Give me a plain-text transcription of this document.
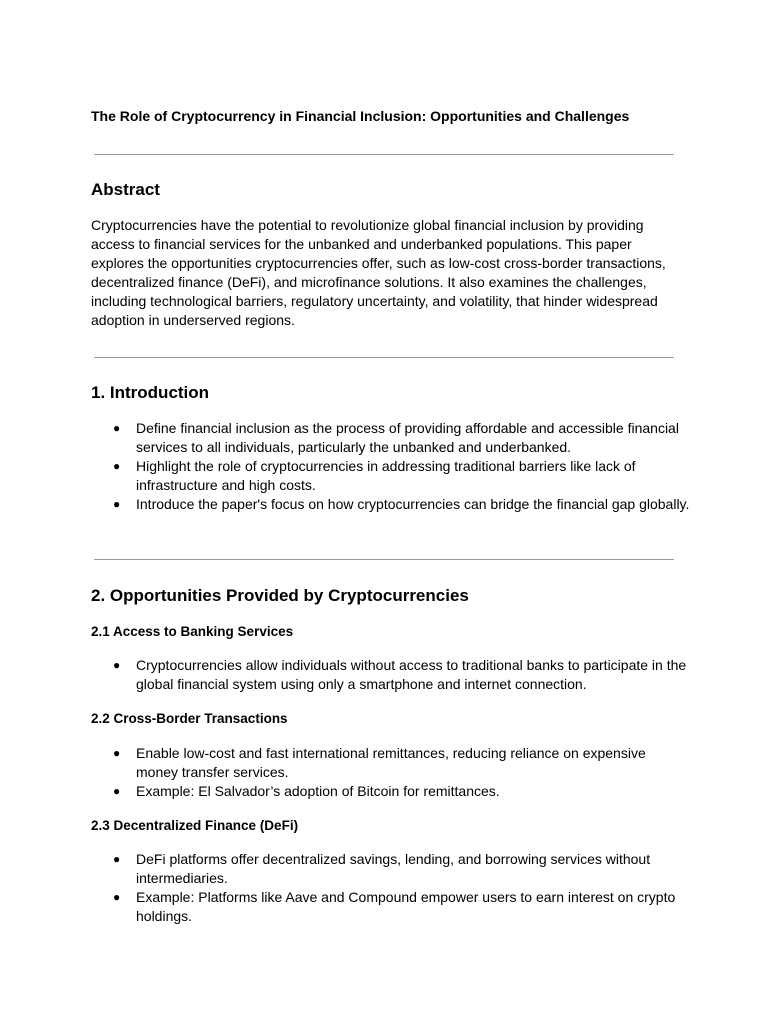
The Role of Cryptocurrency in Financial Inclusion: Opportunities and Challenges
Abstract

Cryptocurrencies have the potential to revolutionize global financial inclusion by providing access to financial services for the unbanked and underbanked populations. This paper explores the opportunities cryptocurrencies offer, such as low-cost cross-border transactions, decentralized finance (DeFi), and microfinance solutions. It also examines the challenges, including technological barriers, regulatory uncertainty, and volatility, that hinder widespread adoption in underserved regions.

1. Introduction
● Define financial inclusion as the process of providing affordable and accessible financial services to all individuals, particularly the unbanked and underbanked.
● Highlight the role of cryptocurrencies in addressing traditional barriers like lack of infrastructure and high costs.
● Introduce the paper's focus on how cryptocurrencies can bridge the financial gap globally.
2. Opportunities Provided by Cryptocurrencies
2.1 Access to Banking Services
● Cryptocurrencies allow individuals without access to traditional banks to participate in the global financial system using only a smartphone and internet connection.
2.2 Cross-Border Transactions
● Enable low-cost and fast international remittances, reducing reliance on expensive money transfer services.
● Example: El Salvador’s adoption of Bitcoin for remittances.
2.3 Decentralized Finance (DeFi)
● DeFi platforms offer decentralized savings, lending, and borrowing services without intermediaries.
● Example: Platforms like Aave and Compound empower users to earn interest on crypto holdings.
